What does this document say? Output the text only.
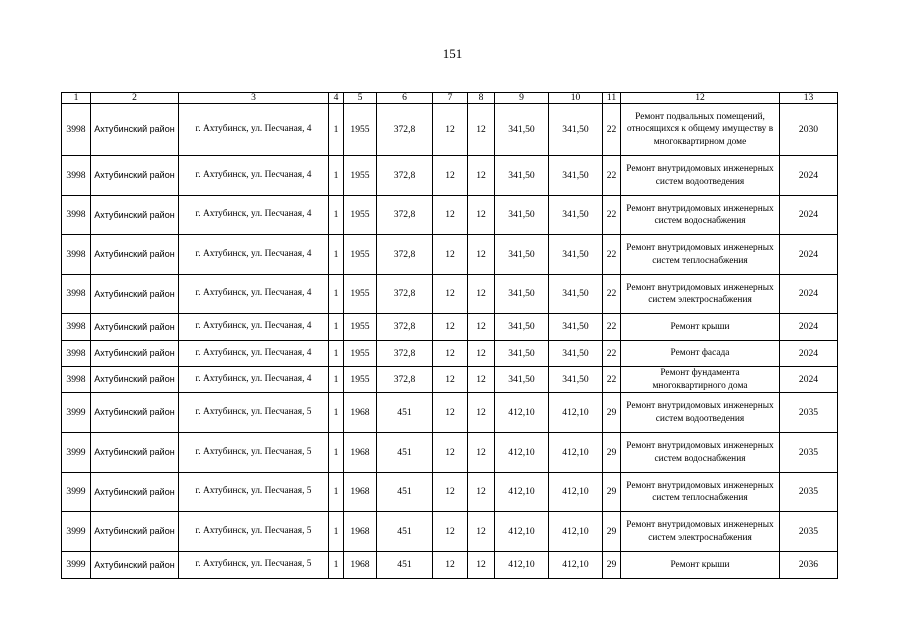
151
1	2	3	4	5	6	7	8	9	10	11	12	13
3998	Ахтубинский район	г. Ахтубинск, ул. Песчаная, 4	1	1955	372,8	12	12	341,50	341,50	22	Ремонт подвальных помещений, относящихся к общему имуществу в многоквартирном доме	2030
3998	Ахтубинский район	г. Ахтубинск, ул. Песчаная, 4	1	1955	372,8	12	12	341,50	341,50	22	Ремонт внутридомовых инженерных систем водоотведения	2024
3998	Ахтубинский район	г. Ахтубинск, ул. Песчаная, 4	1	1955	372,8	12	12	341,50	341,50	22	Ремонт внутридомовых инженерных систем водоснабжения	2024
3998	Ахтубинский район	г. Ахтубинск, ул. Песчаная, 4	1	1955	372,8	12	12	341,50	341,50	22	Ремонт внутридомовых инженерных систем теплоснабжения	2024
3998	Ахтубинский район	г. Ахтубинск, ул. Песчаная, 4	1	1955	372,8	12	12	341,50	341,50	22	Ремонт внутридомовых инженерных систем электроснабжения	2024
3998	Ахтубинский район	г. Ахтубинск, ул. Песчаная, 4	1	1955	372,8	12	12	341,50	341,50	22	Ремонт крыши	2024
3998	Ахтубинский район	г. Ахтубинск, ул. Песчаная, 4	1	1955	372,8	12	12	341,50	341,50	22	Ремонт фасада	2024
3998	Ахтубинский район	г. Ахтубинск, ул. Песчаная, 4	1	1955	372,8	12	12	341,50	341,50	22	Ремонт фундамента многоквартирного дома	2024
3999	Ахтубинский район	г. Ахтубинск, ул. Песчаная, 5	1	1968	451	12	12	412,10	412,10	29	Ремонт внутридомовых инженерных систем водоотведения	2035
3999	Ахтубинский район	г. Ахтубинск, ул. Песчаная, 5	1	1968	451	12	12	412,10	412,10	29	Ремонт внутридомовых инженерных систем водоснабжения	2035
3999	Ахтубинский район	г. Ахтубинск, ул. Песчаная, 5	1	1968	451	12	12	412,10	412,10	29	Ремонт внутридомовых инженерных систем теплоснабжения	2035
3999	Ахтубинский район	г. Ахтубинск, ул. Песчаная, 5	1	1968	451	12	12	412,10	412,10	29	Ремонт внутридомовых инженерных систем электроснабжения	2035
3999	Ахтубинский район	г. Ахтубинск, ул. Песчаная, 5	1	1968	451	12	12	412,10	412,10	29	Ремонт крыши	2036
